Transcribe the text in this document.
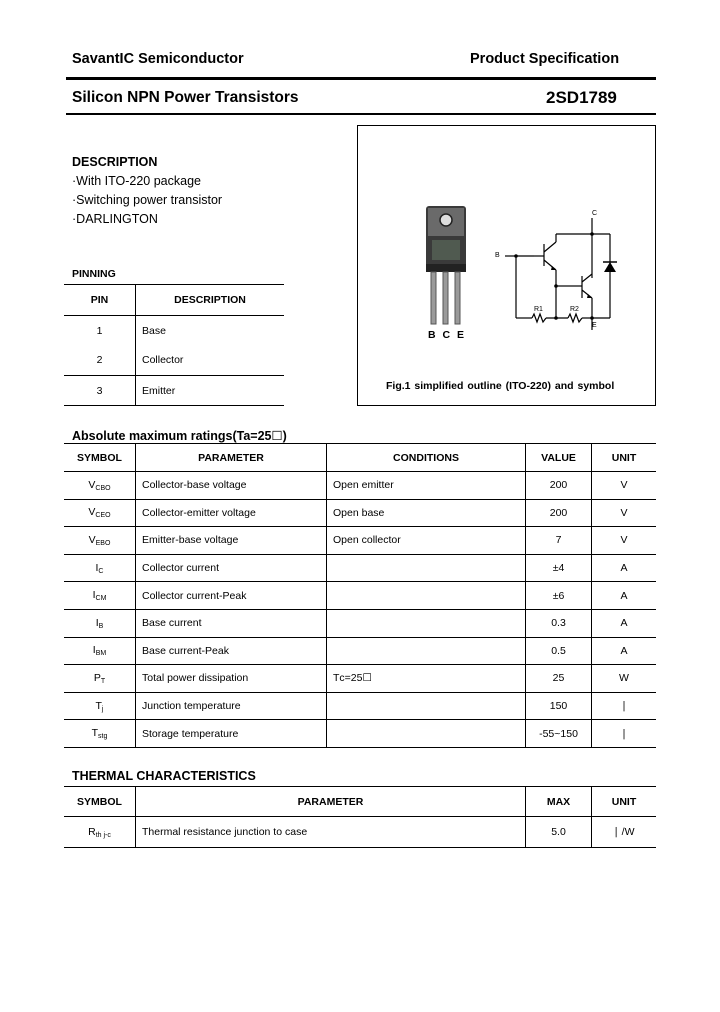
SavantIC Semiconductor	Product Specification
Silicon NPN Power Transistors	2SD1789
DESCRIPTION
·With ITO-220 package
·Switching power transistor
·DARLINGTON
PINNING
PIN	DESCRIPTION
1	Base
2	Collector
3	Emitter
B C E
C
B
E
R1	R2
Fig.1 simplified outline (ITO-220) and symbol
Absolute maximum ratings(Ta=25☐)
SYMBOL	PARAMETER	CONDITIONS	VALUE	UNIT
$V_{CBO}$	Collector-base voltage	Open emitter	200	V
$V_{CEO}$	Collector-emitter voltage	Open base	200	V
$V_{EBO}$	Emitter-base voltage	Open collector	7	V
$I_C$	Collector current		±4	A
$I_{CM}$	Collector current-Peak		±6	A
$I_B$	Base current		0.3	A
$I_{BM}$	Base current-Peak		0.5	A
$P_T$	Total power dissipation	Tᴄ=25☐	25	W
$T_j$	Junction temperature		150	∣
$T_{stg}$	Storage temperature		-55~150	∣
THERMAL CHARACTERISTICS
SYMBOL	PARAMETER	MAX	UNIT
$R_{th j-c}$	Thermal resistance junction to case	5.0	∣ /W
